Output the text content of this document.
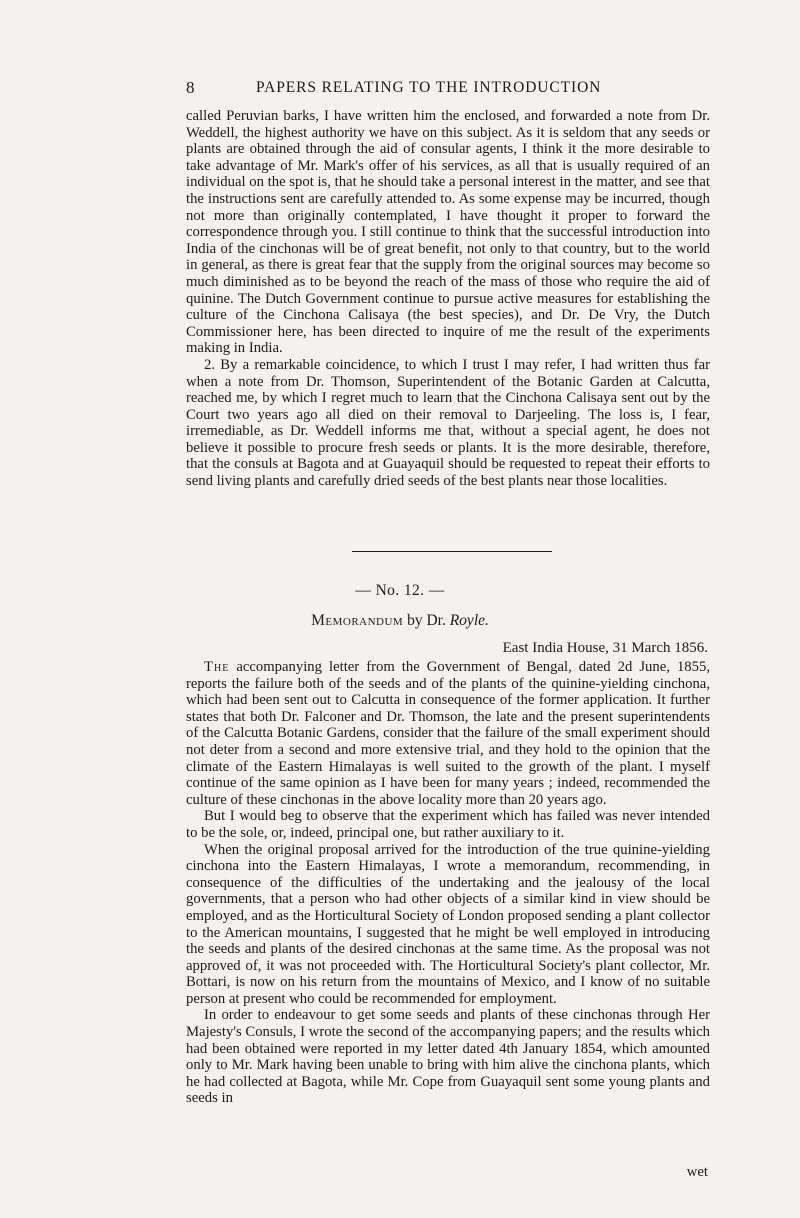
8	PAPERS RELATING TO THE INTRODUCTION

called Peruvian barks, I have written him the enclosed, and forwarded a note from Dr. Weddell, the highest authority we have on this subject. As it is seldom that any seeds or plants are obtained through the aid of consular agents, I think it the more desirable to take advantage of Mr. Mark's offer of his services, as all that is usually required of an individual on the spot is, that he should take a personal interest in the matter, and see that the instructions sent are carefully attended to. As some expense may be incurred, though not more than originally contemplated, I have thought it proper to forward the correspondence through you. I still continue to think that the successful introduction into India of the cinchonas will be of great benefit, not only to that country, but to the world in general, as there is great fear that the supply from the original sources may become so much diminished as to be beyond the reach of the mass of those who require the aid of quinine. The Dutch Government continue to pursue active measures for establishing the culture of the Cinchona Calisaya (the best species), and Dr. De Vry, the Dutch Commissioner here, has been directed to inquire of me the result of the experiments making in India.

2. By a remarkable coincidence, to which I trust I may refer, I had written thus far when a note from Dr. Thomson, Superintendent of the Botanic Garden at Calcutta, reached me, by which I regret much to learn that the Cinchona Calisaya sent out by the Court two years ago all died on their removal to Darjeeling. The loss is, I fear, irremediable, as Dr. Weddell informs me that, without a special agent, he does not believe it possible to procure fresh seeds or plants. It is the more desirable, therefore, that the consuls at Bagota and at Guayaquil should be requested to repeat their efforts to send living plants and carefully dried seeds of the best plants near those localities.

— No. 12. —
Memorandum by Dr. Royle.
East India House, 31 March 1856.

The accompanying letter from the Government of Bengal, dated 2d June, 1855, reports the failure both of the seeds and of the plants of the quinine-yielding cinchona, which had been sent out to Calcutta in consequence of the former application. It further states that both Dr. Falconer and Dr. Thomson, the late and the present superintendents of the Calcutta Botanic Gardens, consider that the failure of the small experiment should not deter from a second and more extensive trial, and they hold to the opinion that the climate of the Eastern Himalayas is well suited to the growth of the plant. I myself continue of the same opinion as I have been for many years ; indeed, recommended the culture of these cinchonas in the above locality more than 20 years ago.

But I would beg to observe that the experiment which has failed was never intended to be the sole, or, indeed, principal one, but rather auxiliary to it.

When the original proposal arrived for the introduction of the true quinine-yielding cinchona into the Eastern Himalayas, I wrote a memorandum, recommending, in consequence of the difficulties of the undertaking and the jealousy of the local governments, that a person who had other objects of a similar kind in view should be employed, and as the Horticultural Society of London proposed sending a plant collector to the American mountains, I suggested that he might be well employed in introducing the seeds and plants of the desired cinchonas at the same time. As the proposal was not approved of, it was not proceeded with. The Horticultural Society's plant collector, Mr. Bottari, is now on his return from the mountains of Mexico, and I know of no suitable person at present who could be recommended for employment.

In order to endeavour to get some seeds and plants of these cinchonas through Her Majesty's Consuls, I wrote the second of the accompanying papers; and the results which had been obtained were reported in my letter dated 4th January 1854, which amounted only to Mr. Mark having been unable to bring with him alive the cinchona plants, which he had collected at Bagota, while Mr. Cope from Guayaquil sent some young plants and seeds in

wet
